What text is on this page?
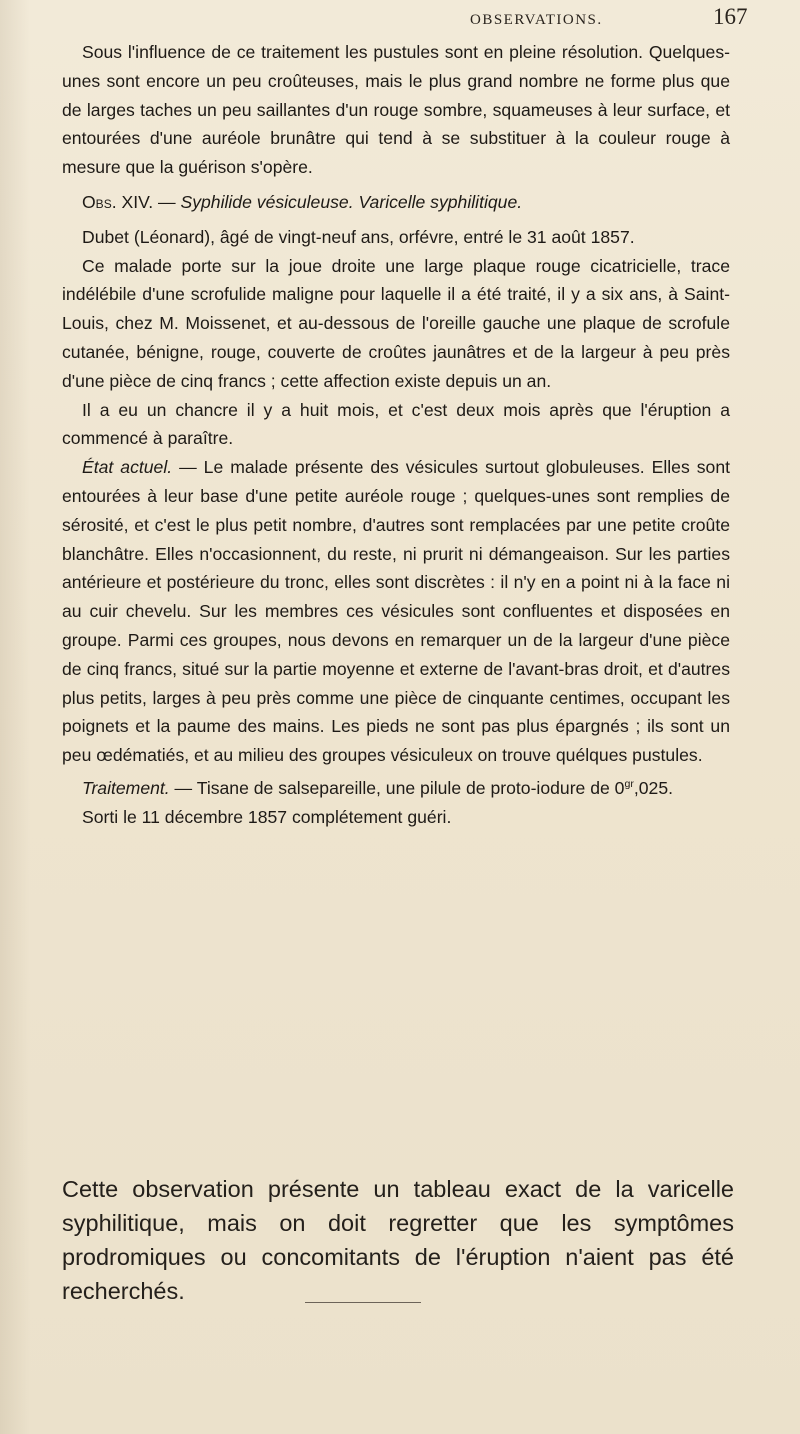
OBSERVATIONS.	167

Sous l'influence de ce traitement les pustules sont en pleine résolution. Quelques-unes sont encore un peu croûteuses, mais le plus grand nombre ne forme plus que de larges taches un peu saillantes d'un rouge sombre, squameuses à leur surface, et entourées d'une auréole brunâtre qui tend à se substituer à la couleur rouge à mesure que la guérison s'opère.

Obs. XIV. — Syphilide vésiculeuse. Varicelle syphilitique.

Dubet (Léonard), âgé de vingt-neuf ans, orfévre, entré le 31 août 1857.

Ce malade porte sur la joue droite une large plaque rouge cicatricielle, trace indélébile d'une scrofulide maligne pour laquelle il a été traité, il y a six ans, à Saint-Louis, chez M. Moissenet, et au-dessous de l'oreille gauche une plaque de scrofule cutanée, bénigne, rouge, couverte de croûtes jaunâtres et de la largeur à peu près d'une pièce de cinq francs ; cette affection existe depuis un an.

Il a eu un chancre il y a huit mois, et c'est deux mois après que l'éruption a commencé à paraître.

État actuel. — Le malade présente des vésicules surtout globuleuses. Elles sont entourées à leur base d'une petite auréole rouge ; quelques-unes sont remplies de sérosité, et c'est le plus petit nombre, d'autres sont remplacées par une petite croûte blanchâtre. Elles n'occasionnent, du reste, ni prurit ni démangeaison. Sur les parties antérieure et postérieure du tronc, elles sont discrètes : il n'y en a point ni à la face ni au cuir chevelu. Sur les membres ces vésicules sont confluentes et disposées en groupe. Parmi ces groupes, nous devons en remarquer un de la largeur d'une pièce de cinq francs, situé sur la partie moyenne et externe de l'avant-bras droit, et d'autres plus petits, larges à peu près comme une pièce de cinquante centimes, occupant les poignets et la paume des mains. Les pieds ne sont pas plus épargnés ; ils sont un peu œdématiés, et au milieu des groupes vésiculeux on trouve quélques pustules.

Traitement. — Tisane de salsepareille, une pilule de proto-iodure de $0^{gr},025$.

Sorti le 11 décembre 1857 complétement guéri.

Cette observation présente un tableau exact de la varicelle syphilitique, mais on doit regretter que les symptômes prodromiques ou concomitants de l'éruption n'aient pas été recherchés.
